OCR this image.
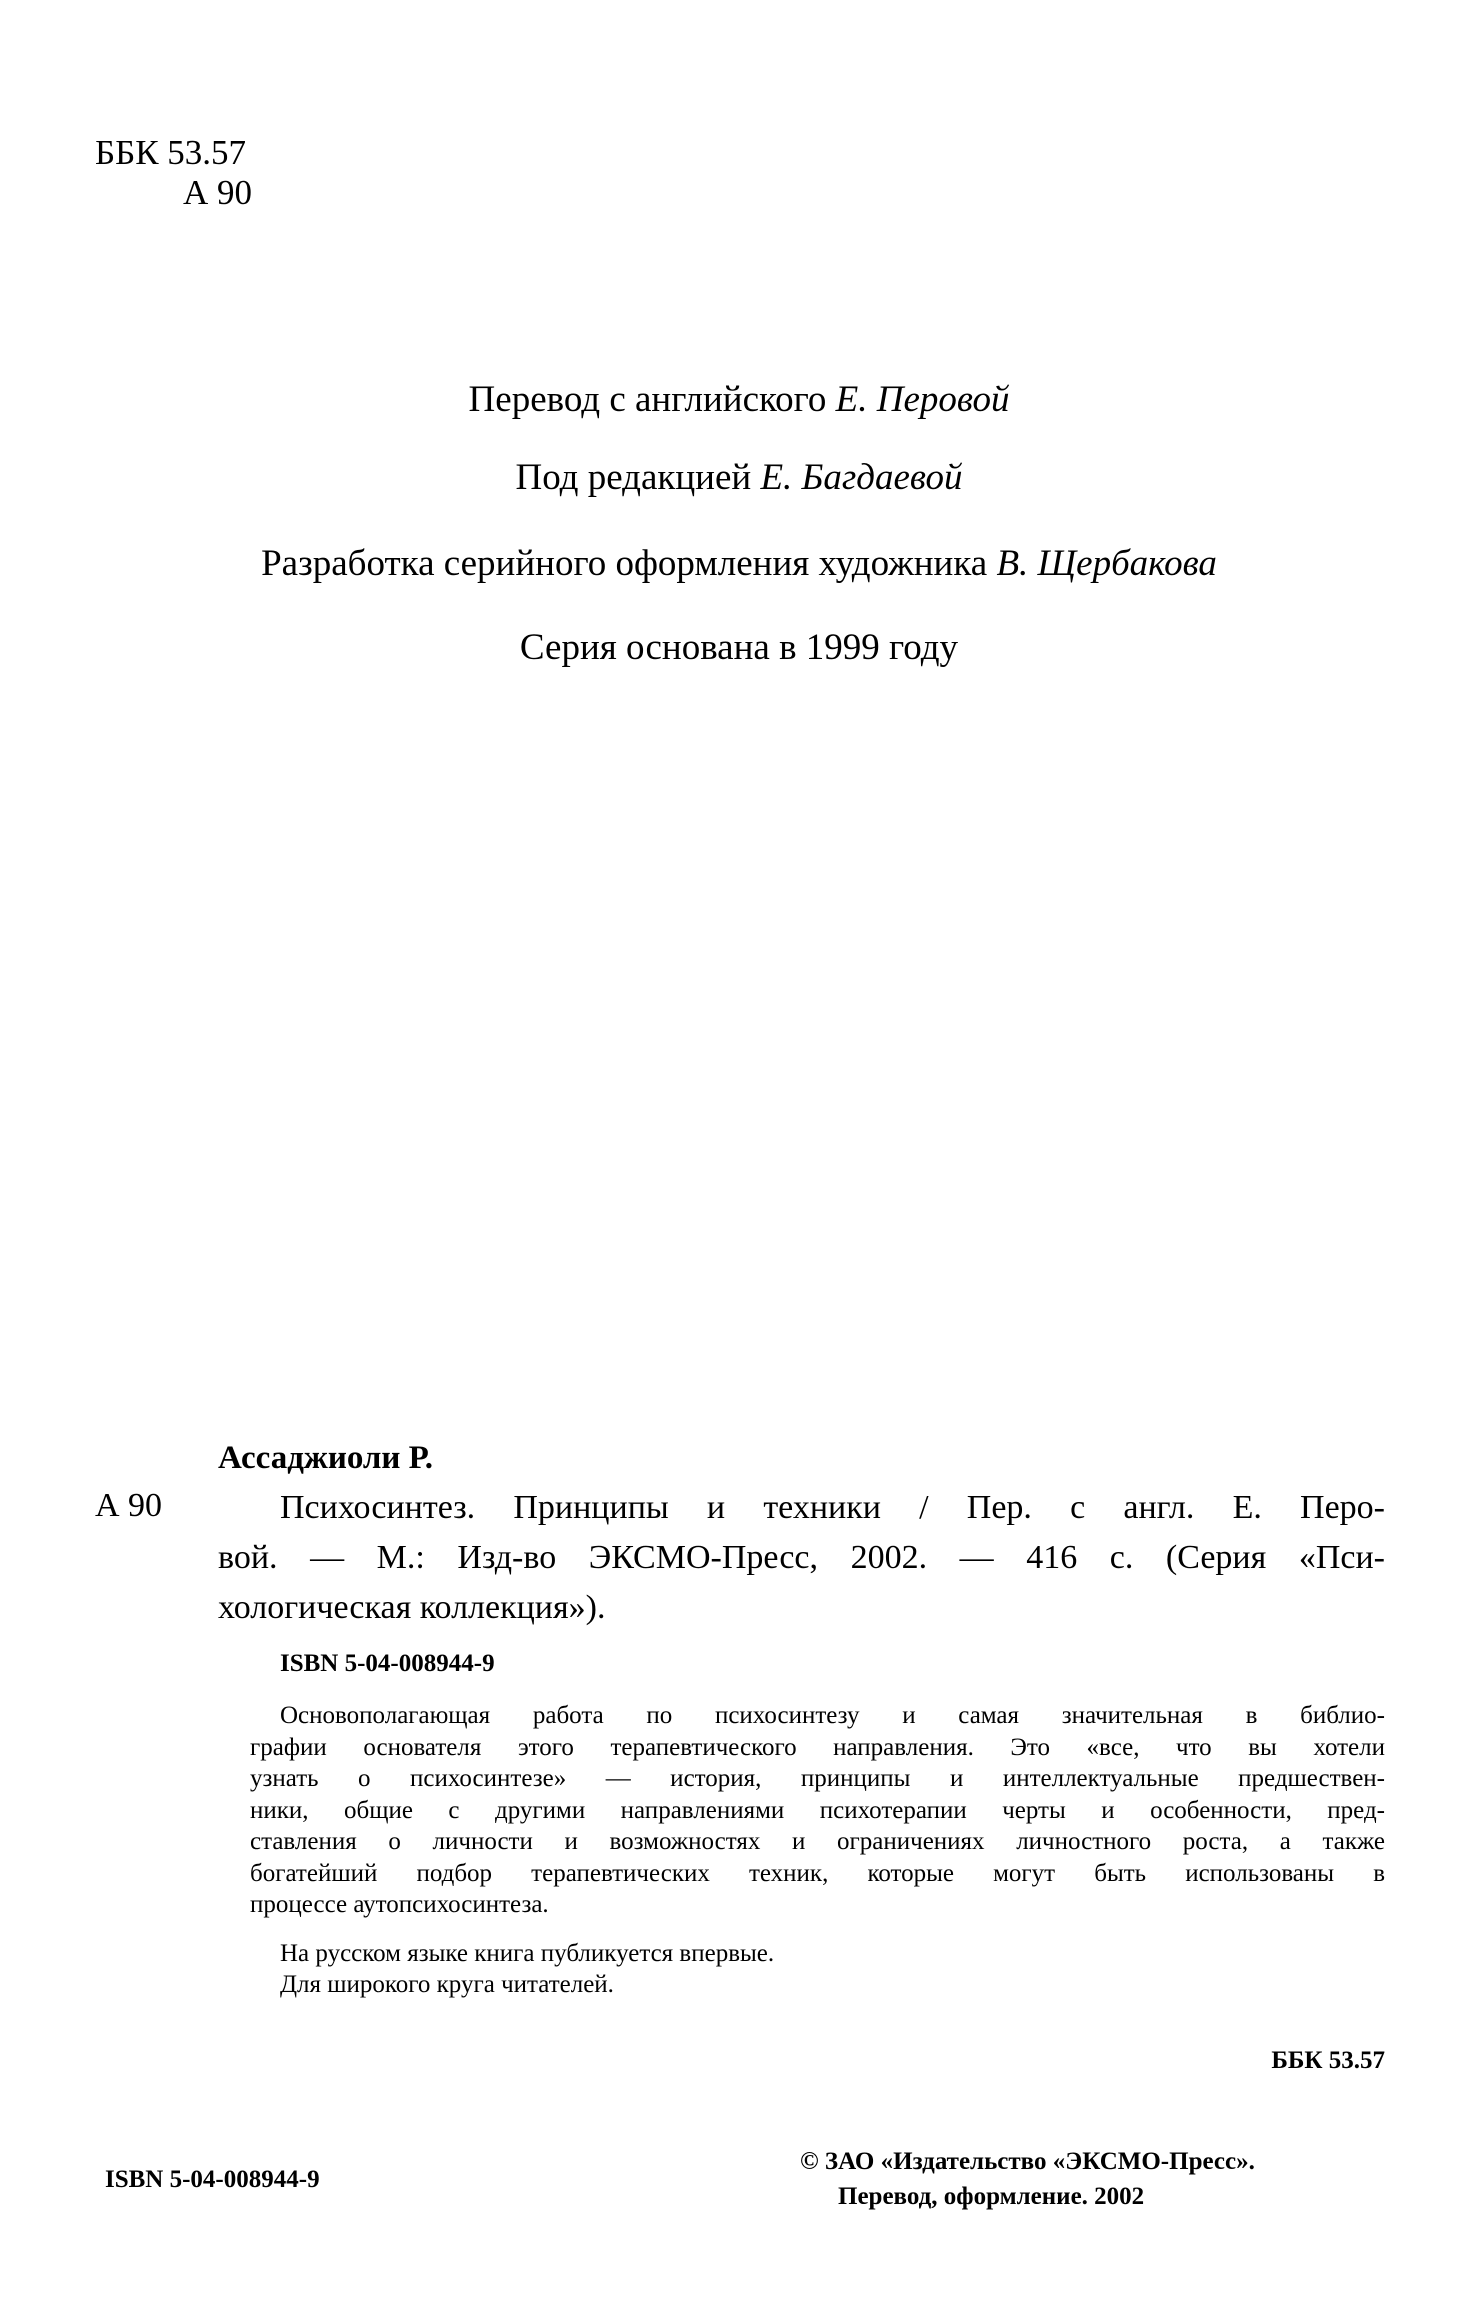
ББК 53.57
А 90
Перевод с английского Е. Перовой
Под редакцией Е. Багдаевой
Разработка серийного оформления художника В. Щербакова
Серия основана в 1999 году
Ассаджиоли Р.
А 90	Психосинтез. Принципы и техники / Пер. с англ. Е. Перо-
вой. — М.: Изд-во ЭКСМО-Пресс, 2002. — 416 с. (Серия «Пси-
хологическая коллекция»).
ISBN 5-04-008944-9
Основополагающая работа по психосинтезу и самая значительная в библио-
графии основателя этого терапевтического направления. Это «все, что вы хотели
узнать о психосинтезе» — история, принципы и интеллектуальные предшествен-
ники, общие с другими направлениями психотерапии черты и особенности, пред-
ставления о личности и возможностях и ограничениях личностного роста, а также
богатейший подбор терапевтических техник, которые могут быть использованы в
процессе аутопсихосинтеза.
На русском языке книга публикуется впервые.
Для широкого круга читателей.
ББК 53.57
ISBN 5-04-008944-9
© ЗАО «Издательство «ЭКСМО-Пресс».
Перевод, оформление. 2002
